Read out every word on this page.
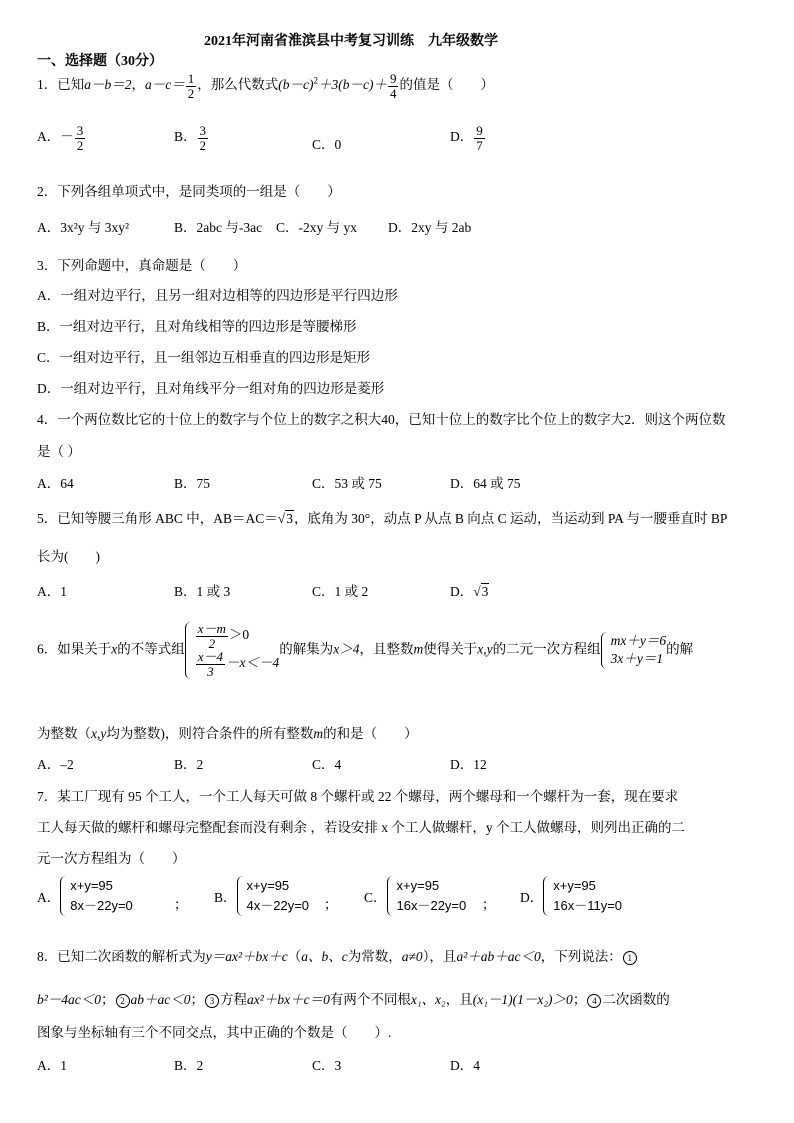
2021年河南省淮滨县中考复习训练　九年级数学
一、选择题（30分）
1．已知a－b＝2，$a-c= \frac{1}{2}$ ，那么代数式$(b-c)^2+3(b-c)+ \frac{9}{4}$ 的值是（　　）
A．－ $\frac{3}{2}$	B． $\frac{3}{2}$	C．0
D． $\frac{9}{7}$
2．下列各组单项式中，是同类项的一组是（　　）
A．3x²y 与 3xy²	B．2abc 与-3ac C．-2xy 与 yx D．2xy 与 2ab
3．下列命题中，真命题是（　　）
A．一组对边平行，且另一组对边相等的四边形是平行四边形
B．一组对边平行，且对角线相等的四边形是等腰梯形
C．一组对边平行，且一组邻边互相垂直的四边形是矩形
D．一组对边平行，且对角线平分一组对角的四边形是菱形
4．一个两位数比它的十位上的数字与个位上的数字之积大40，已知十位上的数字比个位上的数字大2．则这个两位数
是（ ）
A．64	B．75	C．53 或 75	D．64 或 75
5．已知等腰三角形 ABC 中，AB＝AC＝√3，底角为 30°，动点 P 从点 B 向点 C 运动，当运动到 PA 与一腰垂直时 BP
长为(　　)
A．1	B．1 或 3	C．1 或 2	D．√3
6．如果关于x的不等式组 $\frac{x-m}{2} >0$
$\frac{x-4}{3} -x<-4$
的解集为x＞4，且整数m使得关于x,y的二元一次方程组
mx＋y＝6
3x＋y＝1
的解
为整数（x,y均为整数)，则符合条件的所有整数m的和是（　　）
A．–2	B．2	C．4	D．12
7．某工厂现有 95 个工人，一个工人每天可做 8 个螺杆或 22 个螺母，两个螺母和一个螺杆为一套，现在要求
工人每天做的螺杆和螺母完整配套而没有剩余 ，若设安排 x 个工人做螺杆，y 个工人做螺母，则列出正确的二
元一次方程组为（　　）
A．
x+y=95
8x－22y=0	； B．
x+y=95
4x－22y=0 ； C．
x+y=95
16x－22y=0 ； D．
x+y=95
16x－11y=0
8．已知二次函数的解析式为y＝ax²＋bx＋c（a、b、c为常数，a≠0），且a²＋ab＋ac＜0，下列说法： 1
b²－4ac＜0； 2 ab＋ac＜0； 3 方程ax²＋bx＋c＝0有两个不同根x₁、x₂，且(x₁－1)(1－x₂)＞0； 4 二次函数的
图象与坐标轴有三个不同交点，其中正确的个数是（　　）.
A．1	B．2	C．3	D．4
